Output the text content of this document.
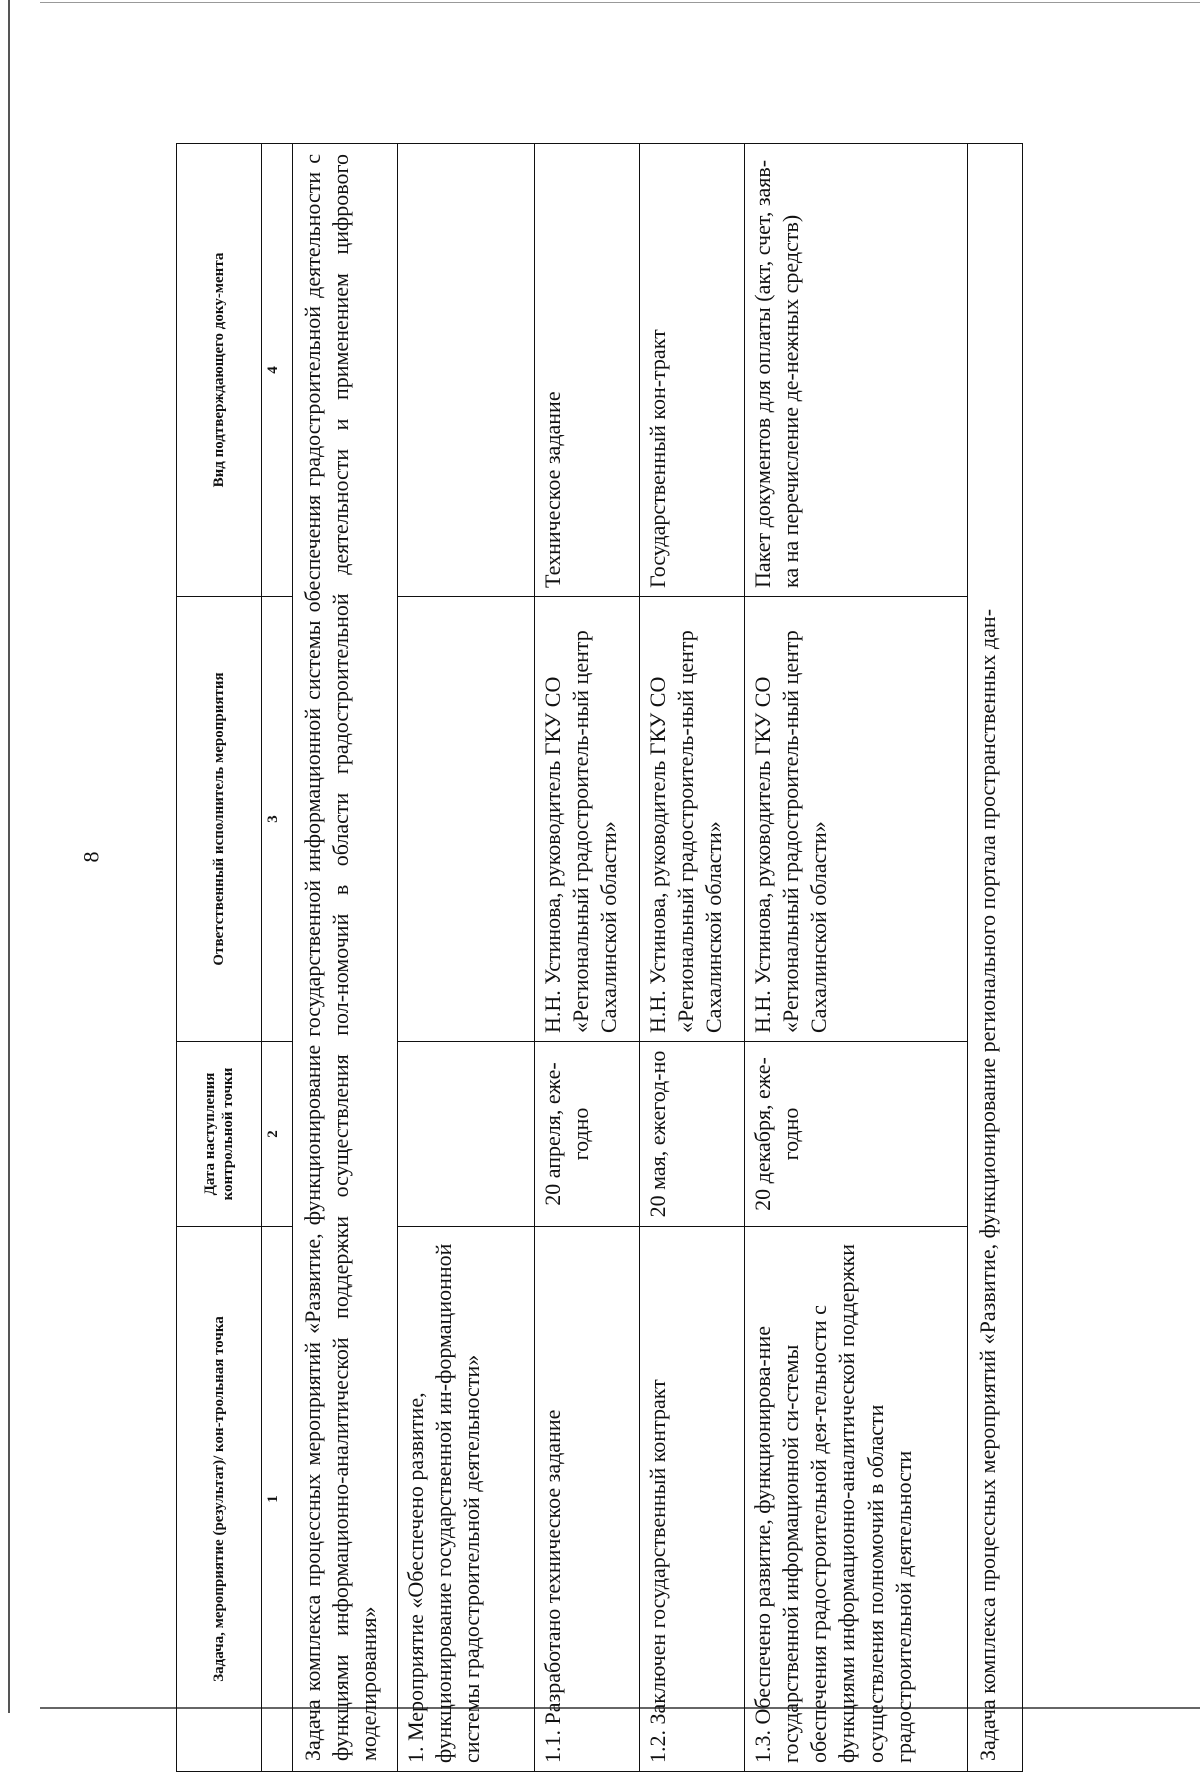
8
Задача, мероприятие (результат)/ кон-трольная точка	Дата наступления контрольной точки	Ответственный исполнитель мероприятия	Вид подтверждающего доку-мента
1	2	3	4
Задача комплекса процессных мероприятий «Развитие, функционирование государственной информационной системы обеспечения градостроительной деятельности с функциями информационно-аналитической поддержки осуществления пол-номочий в области градостроительной деятельности и применением цифрового моделирования»			
1. Мероприятие «Обеспечено развитие, функционирование государственной ин-формационной системы градостроительной деятельности»			
1.1. Разработано техническое задание	20 апреля, еже-годно	Н.Н. Устинова, руководитель ГКУ СО «Региональный градостроитель-ный центр Сахалинской области»	Техническое задание
1.2. Заключен государственный контракт	20 мая, ежегод-но	Н.Н. Устинова, руководитель ГКУ СО «Региональный градостроитель-ный центр Сахалинской области»	Государственный кон-тракт
1.3. Обеспечено развитие, функционирова-ние государственной информационной си-стемы обеспечения градостроительной дея-тельности с функциями информационно-аналитической поддержки осуществления полномочий в области градостроительной деятельности	20 декабря, еже-годно	Н.Н. Устинова, руководитель ГКУ СО «Региональный градостроитель-ный центр Сахалинской области»	Пакет документов для оплаты (акт, счет, заяв-ка на перечисление де-нежных средств)
Задача комплекса процессных мероприятий «Развитие, функционирование регионального портала пространственных дан-			
